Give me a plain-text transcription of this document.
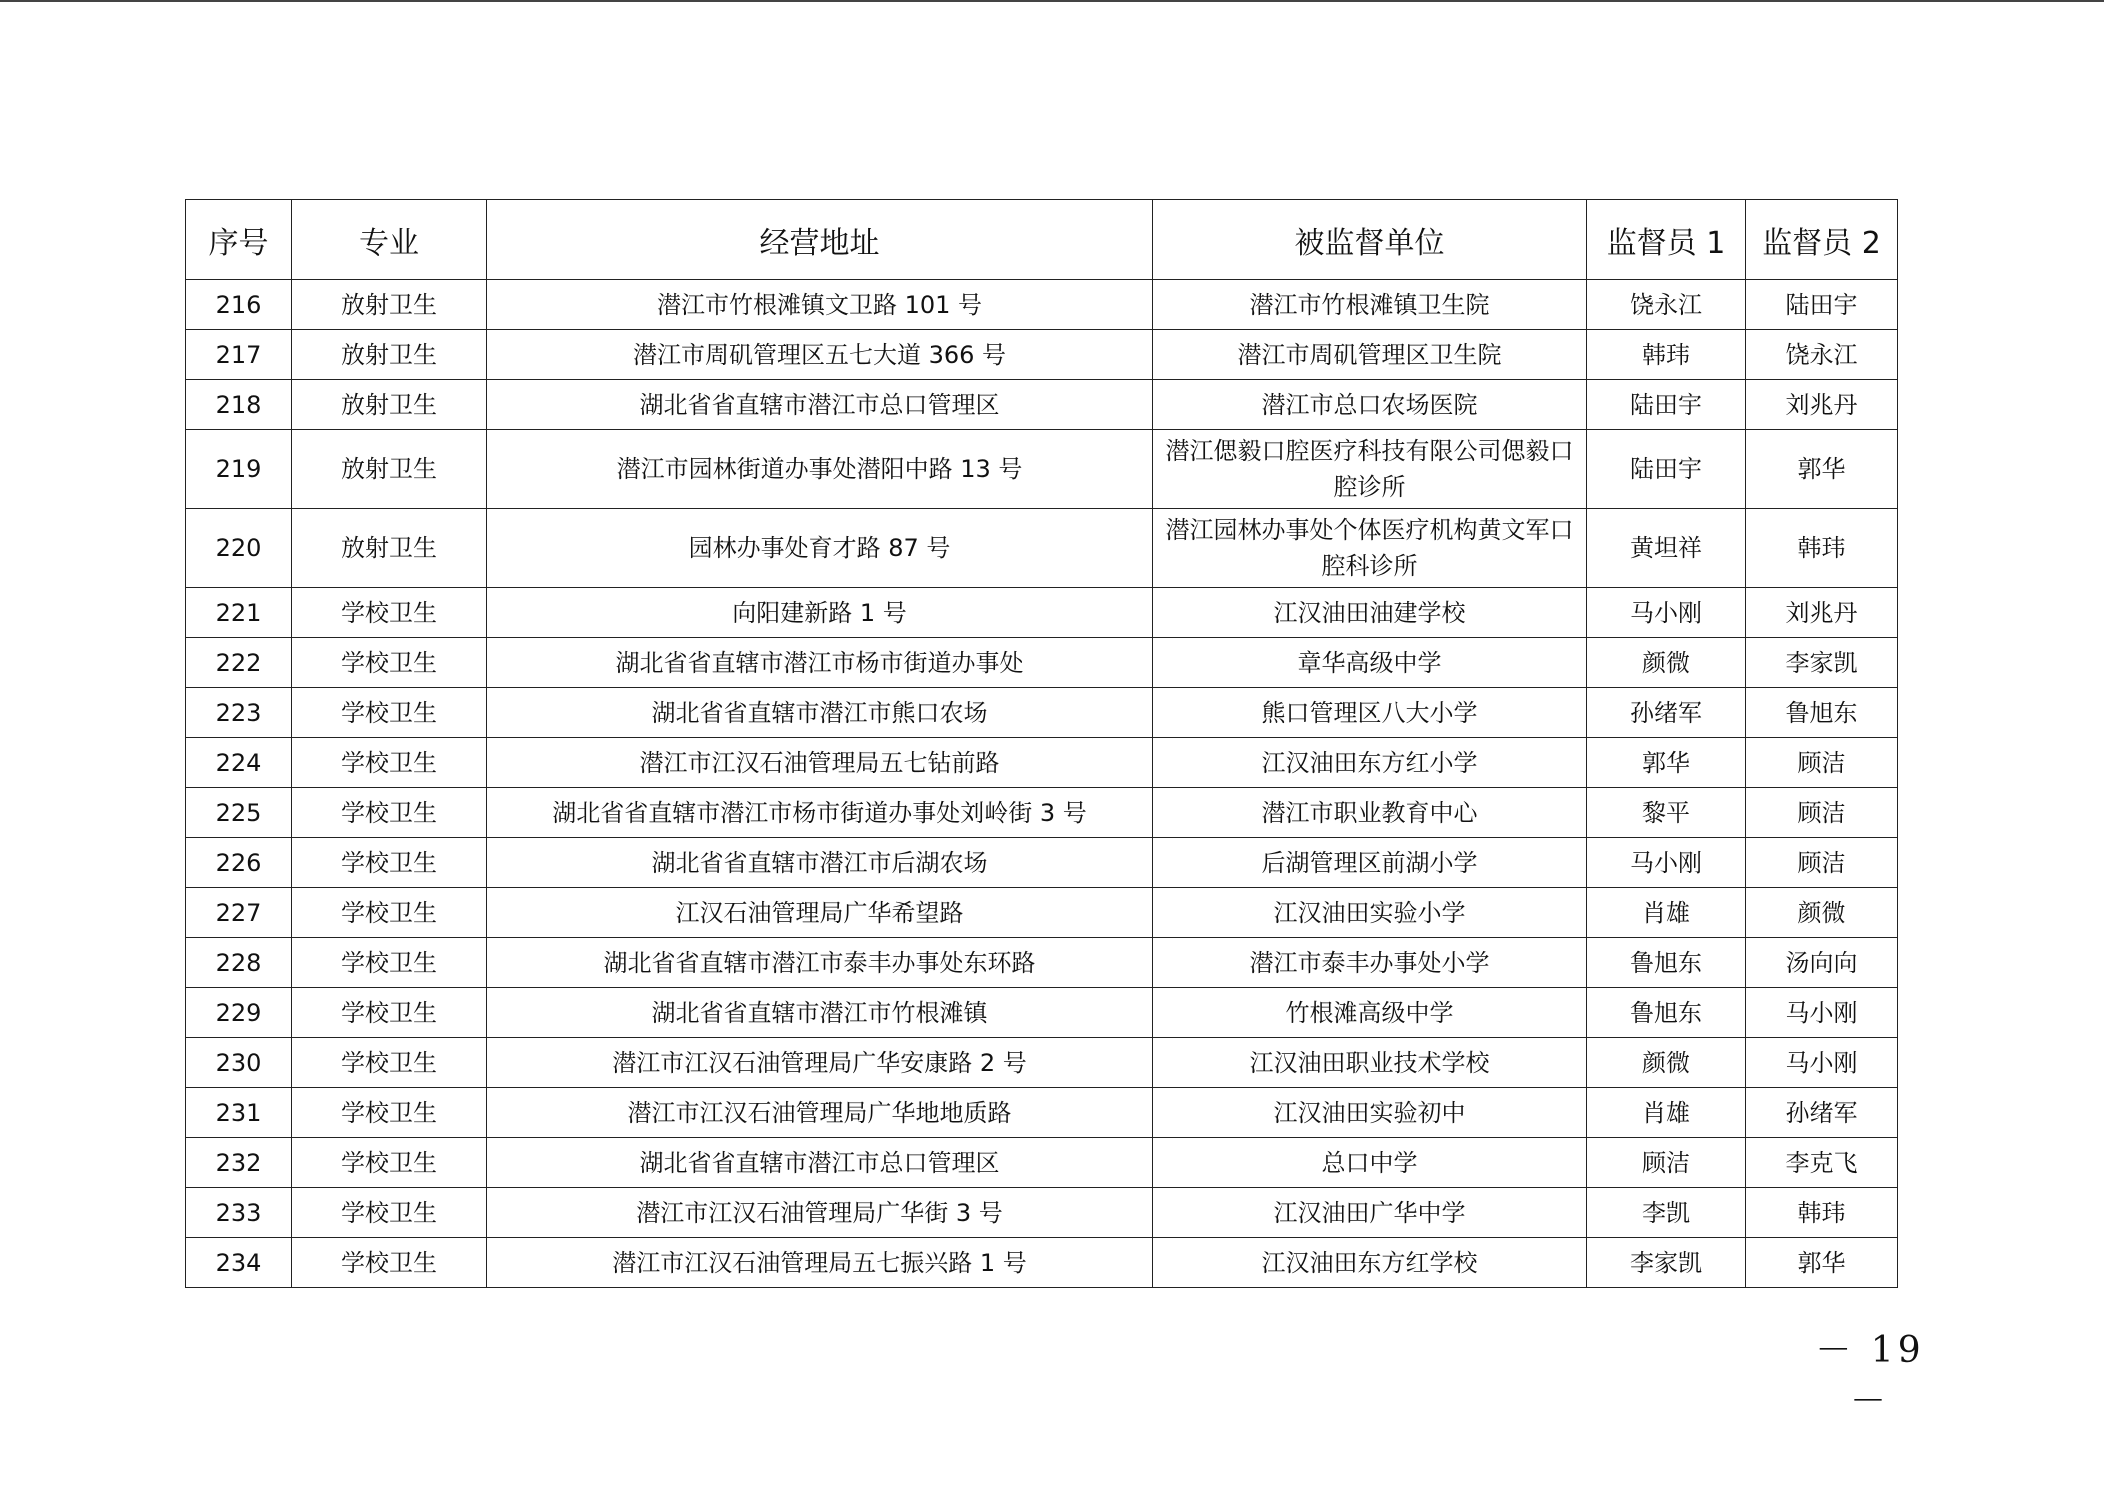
序号	专业	经营地址	被监督单位	监督员 1	监督员 2
216	放射卫生	潜江市竹根滩镇文卫路 101 号	潜江市竹根滩镇卫生院	饶永江	陆田宇
217	放射卫生	潜江市周矶管理区五七大道 366 号	潜江市周矶管理区卫生院	韩玮	饶永江
218	放射卫生	湖北省省直辖市潜江市总口管理区	潜江市总口农场医院	陆田宇	刘兆丹
219	放射卫生	潜江市园林街道办事处潜阳中路 13 号	潜江偲毅口腔医疗科技有限公司偲毅口腔诊所	陆田宇	郭华
220	放射卫生	园林办事处育才路 87 号	潜江园林办事处个体医疗机构黄文军口腔科诊所	黄坦祥	韩玮
221	学校卫生	向阳建新路 1 号	江汉油田油建学校	马小刚	刘兆丹
222	学校卫生	湖北省省直辖市潜江市杨市街道办事处	章华高级中学	颜微	李家凯
223	学校卫生	湖北省省直辖市潜江市熊口农场	熊口管理区八大小学	孙绪军	鲁旭东
224	学校卫生	潜江市江汉石油管理局五七钻前路	江汉油田东方红小学	郭华	顾洁
225	学校卫生	湖北省省直辖市潜江市杨市街道办事处刘岭街 3 号	潜江市职业教育中心	黎平	顾洁
226	学校卫生	湖北省省直辖市潜江市后湖农场	后湖管理区前湖小学	马小刚	顾洁
227	学校卫生	江汉石油管理局广华希望路	江汉油田实验小学	肖雄	颜微
228	学校卫生	湖北省省直辖市潜江市泰丰办事处东环路	潜江市泰丰办事处小学	鲁旭东	汤向向
229	学校卫生	湖北省省直辖市潜江市竹根滩镇	竹根滩高级中学	鲁旭东	马小刚
230	学校卫生	潜江市江汉石油管理局广华安康路 2 号	江汉油田职业技术学校	颜微	马小刚
231	学校卫生	潜江市江汉石油管理局广华地地质路	江汉油田实验初中	肖雄	孙绪军
232	学校卫生	湖北省省直辖市潜江市总口管理区	总口中学	顾洁	李克飞
233	学校卫生	潜江市江汉石油管理局广华街 3 号	江汉油田广华中学	李凯	韩玮
234	学校卫生	潜江市江汉石油管理局五七振兴路 1 号	江汉油田东方红学校	李家凯	郭华
－ 19 －
